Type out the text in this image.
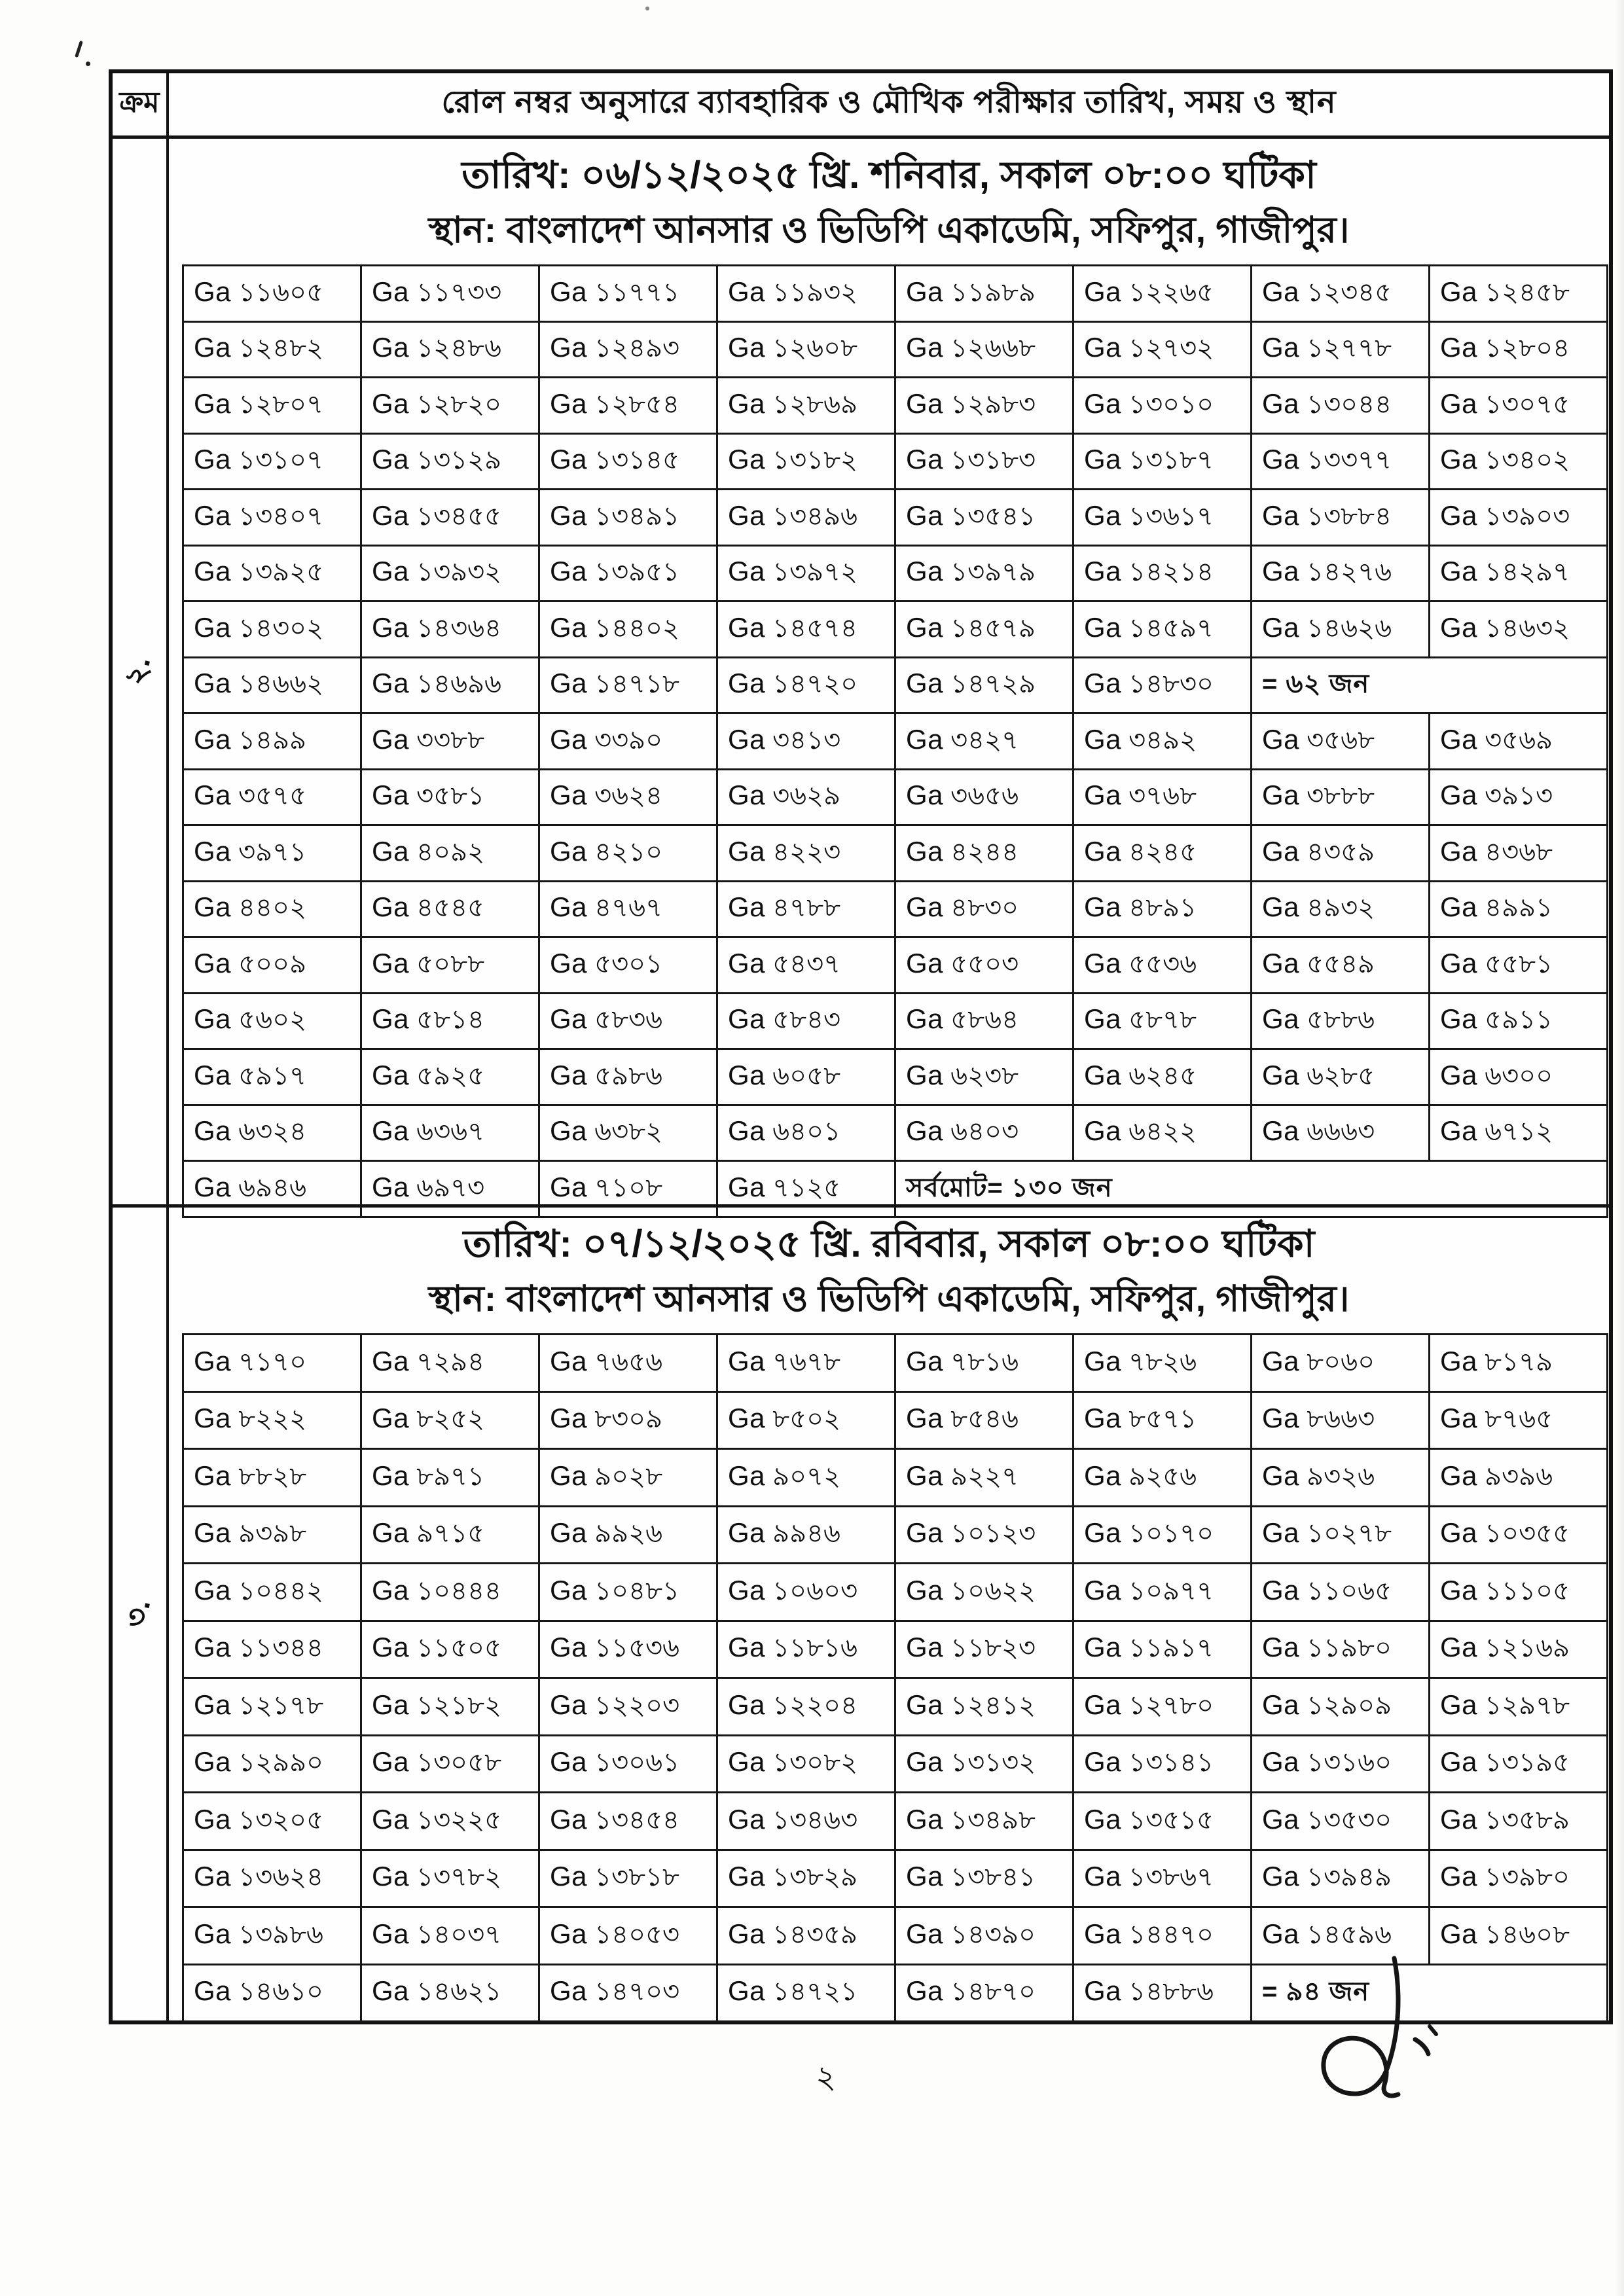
ক্রম	রোল নম্বর অনুসারে ব্যাবহারিক ও মৌখিক পরীক্ষার তারিখ, সময় ও স্থান
২.
তারিখ: ০৬/১২/২০২৫ খ্রি. শনিবার, সকাল ০৮:০০ ঘটিকা
স্থান: বাংলাদেশ আনসার ও ভিডিপি একাডেমি, সফিপুর, গাজীপুর।
Ga ১১৬০৫	Ga ১১৭৩৩	Ga ১১৭৭১	Ga ১১৯৩২	Ga ১১৯৮৯	Ga ১২২৬৫	Ga ১২৩৪৫	Ga ১২৪৫৮
Ga ১২৪৮২	Ga ১২৪৮৬	Ga ১২৪৯৩	Ga ১২৬০৮	Ga ১২৬৬৮	Ga ১২৭৩২	Ga ১২৭৭৮	Ga ১২৮০৪
Ga ১২৮০৭	Ga ১২৮২০	Ga ১২৮৫৪	Ga ১২৮৬৯	Ga ১২৯৮৩	Ga ১৩০১০	Ga ১৩০৪৪	Ga ১৩০৭৫
Ga ১৩১০৭	Ga ১৩১২৯	Ga ১৩১৪৫	Ga ১৩১৮২	Ga ১৩১৮৩	Ga ১৩১৮৭	Ga ১৩৩৭৭	Ga ১৩৪০২
Ga ১৩৪০৭	Ga ১৩৪৫৫	Ga ১৩৪৯১	Ga ১৩৪৯৬	Ga ১৩৫৪১	Ga ১৩৬১৭	Ga ১৩৮৮৪	Ga ১৩৯০৩
Ga ১৩৯২৫	Ga ১৩৯৩২	Ga ১৩৯৫১	Ga ১৩৯৭২	Ga ১৩৯৭৯	Ga ১৪২১৪	Ga ১৪২৭৬	Ga ১৪২৯৭
Ga ১৪৩০২	Ga ১৪৩৬৪	Ga ১৪৪০২	Ga ১৪৫৭৪	Ga ১৪৫৭৯	Ga ১৪৫৯৭	Ga ১৪৬২৬	Ga ১৪৬৩২
Ga ১৪৬৬২	Ga ১৪৬৯৬	Ga ১৪৭১৮	Ga ১৪৭২০	Ga ১৪৭২৯	Ga ১৪৮৩০	= ৬২ জন	
Ga ১৪৯৯	Ga ৩৩৮৮	Ga ৩৩৯০	Ga ৩৪১৩	Ga ৩৪২৭	Ga ৩৪৯২	Ga ৩৫৬৮	Ga ৩৫৬৯
Ga ৩৫৭৫	Ga ৩৫৮১	Ga ৩৬২৪	Ga ৩৬২৯	Ga ৩৬৫৬	Ga ৩৭৬৮	Ga ৩৮৮৮	Ga ৩৯১৩
Ga ৩৯৭১	Ga ৪০৯২	Ga ৪২১০	Ga ৪২২৩	Ga ৪২৪৪	Ga ৪২৪৫	Ga ৪৩৫৯	Ga ৪৩৬৮
Ga ৪৪০২	Ga ৪৫৪৫	Ga ৪৭৬৭	Ga ৪৭৮৮	Ga ৪৮৩০	Ga ৪৮৯১	Ga ৪৯৩২	Ga ৪৯৯১
Ga ৫০০৯	Ga ৫০৮৮	Ga ৫৩০১	Ga ৫৪৩৭	Ga ৫৫০৩	Ga ৫৫৩৬	Ga ৫৫৪৯	Ga ৫৫৮১
Ga ৫৬০২	Ga ৫৮১৪	Ga ৫৮৩৬	Ga ৫৮৪৩	Ga ৫৮৬৪	Ga ৫৮৭৮	Ga ৫৮৮৬	Ga ৫৯১১
Ga ৫৯১৭	Ga ৫৯২৫	Ga ৫৯৮৬	Ga ৬০৫৮	Ga ৬২৩৮	Ga ৬২৪৫	Ga ৬২৮৫	Ga ৬৩০০
Ga ৬৩২৪	Ga ৬৩৬৭	Ga ৬৩৮২	Ga ৬৪০১	Ga ৬৪০৩	Ga ৬৪২২	Ga ৬৬৬৩	Ga ৬৭১২
Ga ৬৯৪৬	Ga ৬৯৭৩	Ga ৭১০৮	Ga ৭১২৫	সর্বমোট= ১৩০ জন			
৩.
তারিখ: ০৭/১২/২০২৫ খ্রি. রবিবার, সকাল ০৮:০০ ঘটিকা
স্থান: বাংলাদেশ আনসার ও ভিডিপি একাডেমি, সফিপুর, গাজীপুর।
Ga ৭১৭০	Ga ৭২৯৪	Ga ৭৬৫৬	Ga ৭৬৭৮	Ga ৭৮১৬	Ga ৭৮২৬	Ga ৮০৬০	Ga ৮১৭৯
Ga ৮২২২	Ga ৮২৫২	Ga ৮৩০৯	Ga ৮৫০২	Ga ৮৫৪৬	Ga ৮৫৭১	Ga ৮৬৬৩	Ga ৮৭৬৫
Ga ৮৮২৮	Ga ৮৯৭১	Ga ৯০২৮	Ga ৯০৭২	Ga ৯২২৭	Ga ৯২৫৬	Ga ৯৩২৬	Ga ৯৩৯৬
Ga ৯৩৯৮	Ga ৯৭১৫	Ga ৯৯২৬	Ga ৯৯৪৬	Ga ১০১২৩	Ga ১০১৭০	Ga ১০২৭৮	Ga ১০৩৫৫
Ga ১০৪৪২	Ga ১০৪৪৪	Ga ১০৪৮১	Ga ১০৬০৩	Ga ১০৬২২	Ga ১০৯৭৭	Ga ১১০৬৫	Ga ১১১০৫
Ga ১১৩৪৪	Ga ১১৫০৫	Ga ১১৫৩৬	Ga ১১৮১৬	Ga ১১৮২৩	Ga ১১৯১৭	Ga ১১৯৮০	Ga ১২১৬৯
Ga ১২১৭৮	Ga ১২১৮২	Ga ১২২০৩	Ga ১২২০৪	Ga ১২৪১২	Ga ১২৭৮০	Ga ১২৯০৯	Ga ১২৯৭৮
Ga ১২৯৯০	Ga ১৩০৫৮	Ga ১৩০৬১	Ga ১৩০৮২	Ga ১৩১৩২	Ga ১৩১৪১	Ga ১৩১৬০	Ga ১৩১৯৫
Ga ১৩২০৫	Ga ১৩২২৫	Ga ১৩৪৫৪	Ga ১৩৪৬৩	Ga ১৩৪৯৮	Ga ১৩৫১৫	Ga ১৩৫৩০	Ga ১৩৫৮৯
Ga ১৩৬২৪	Ga ১৩৭৮২	Ga ১৩৮১৮	Ga ১৩৮২৯	Ga ১৩৮৪১	Ga ১৩৮৬৭	Ga ১৩৯৪৯	Ga ১৩৯৮০
Ga ১৩৯৮৬	Ga ১৪০৩৭	Ga ১৪০৫৩	Ga ১৪৩৫৯	Ga ১৪৩৯০	Ga ১৪৪৭০	Ga ১৪৫৯৬	Ga ১৪৬০৮
Ga ১৪৬১০	Ga ১৪৬২১	Ga ১৪৭০৩	Ga ১৪৭২১	Ga ১৪৮৭০	Ga ১৪৮৮৬	= ৯৪ জন	
২
